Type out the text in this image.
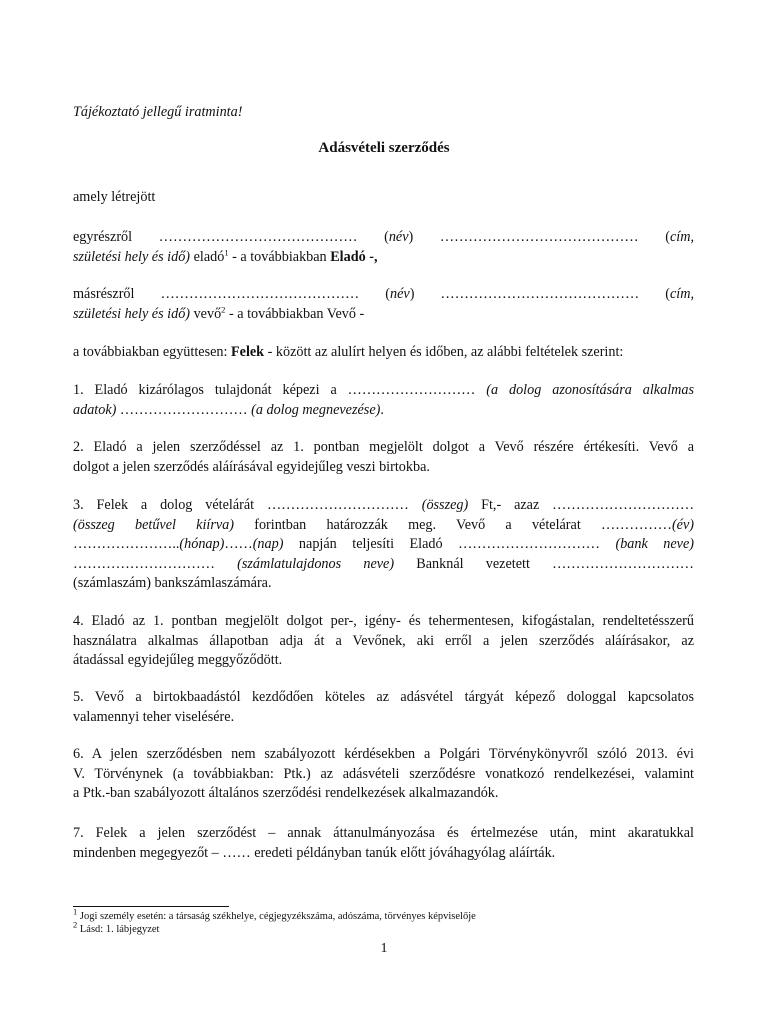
Tájékoztató jellegű iratminta!
Adásvételi szerződés
amely létrejött

egyrészről …………………………………… (név) …………………………………… (cím,

születési hely és idő) eladó$^1$ - a továbbiakban Eladó -,

másrészről …………………………………… (név) …………………………………… (cím,

születési hely és idő) vevő$^2$ - a továbbiakban Vevő -

a továbbiakban együttesen: Felek - között az alulírt helyen és időben, az alábbi feltételek szerint:

1. Eladó kizárólagos tulajdonát képezi a ……………………… (a dolog azonosítására alkalmas

adatok) ……………………… (a dolog megnevezése).

2. Eladó a jelen szerződéssel az 1. pontban megjelölt dolgot a Vevő részére értékesíti. Vevő a

dolgot a jelen szerződés aláírásával egyidejűleg veszi birtokba.

3. Felek a dolog vételárát ………………………… (összeg) Ft,- azaz …………………………

(összeg betűvel kiírva) forintban határozzák meg. Vevő a vételárat ……………(év)

…………………..(hónap)……(nap) napján teljesíti Eladó ………………………… (bank neve)

………………………… (számlatulajdonos neve) Banknál vezetett …………………………

(számlaszám) bankszámlaszámára.

4. Eladó az 1. pontban megjelölt dolgot per-, igény- és tehermentesen, kifogástalan, rendeltetésszerű

használatra alkalmas állapotban adja át a Vevőnek, aki erről a jelen szerződés aláírásakor, az

átadással egyidejűleg meggyőződött.

5. Vevő a birtokbaadástól kezdődően köteles az adásvétel tárgyát képező dologgal kapcsolatos

valamennyi teher viselésére.

6. A jelen szerződésben nem szabályozott kérdésekben a Polgári Törvénykönyvről szóló 2013. évi

V. Törvénynek (a továbbiakban: Ptk.) az adásvételi szerződésre vonatkozó rendelkezései, valamint

a Ptk.-ban szabályozott általános szerződési rendelkezések alkalmazandók.

7. Felek a jelen szerződést – annak áttanulmányozása és értelmezése után, mint akaratukkal

mindenben megegyezőt – …… eredeti példányban tanúk előtt jóváhagyólag aláírták.

$^1$ Jogi személy esetén: a társaság székhelye, cégjegyzékszáma, adószáma, törvényes képviselője
$^2$ Lásd: 1. lábjegyzet
1
